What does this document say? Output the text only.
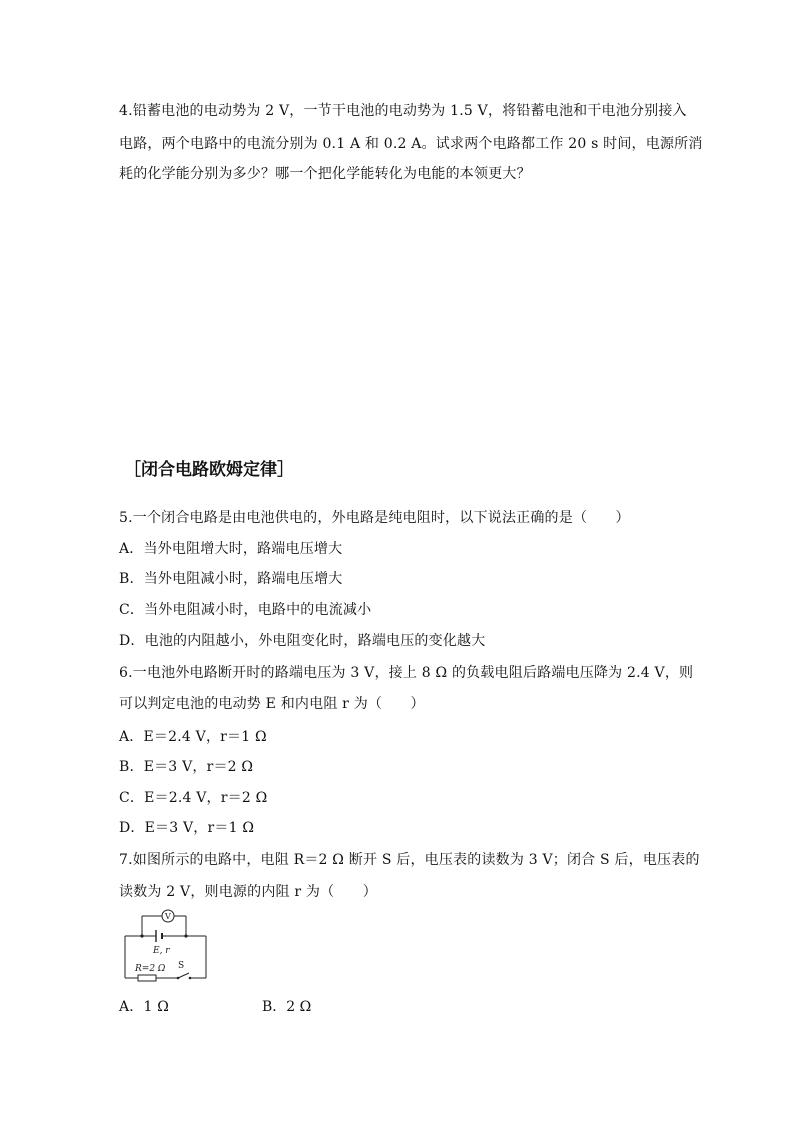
4.铅蓄电池的电动势为 2 V，一节干电池的电动势为 1.5 V，将铅蓄电池和干电池分别接入
电路，两个电路中的电流分别为 0.1 A 和 0.2 A。试求两个电路都工作 20 s 时间，电源所消
耗的化学能分别为多少？哪一个把化学能转化为电能的本领更大？
［闭合电路欧姆定律］
5.一个闭合电路是由电池供电的，外电路是纯电阻时，以下说法正确的是（　　）
A．当外电阻增大时，路端电压增大
B．当外电阻减小时，路端电压增大
C．当外电阻减小时，电路中的电流减小
D．电池的内阻越小，外电阻变化时，路端电压的变化越大
6.一电池外电路断开时的路端电压为 3 V，接上 8 Ω 的负载电阻后路端电压降为 2.4 V，则
可以判定电池的电动势 E 和内电阻 r 为（　　）
A．E＝2.4 V，r＝1 Ω
B．E＝3 V，r＝2 Ω
C．E＝2.4 V，r＝2 Ω
D．E＝3 V，r＝1 Ω
7.如图所示的电路中，电阻 R＝2 Ω 断开 S 后，电压表的读数为 3 V；闭合 S 后，电压表的
读数为 2 V，则电源的内阻 r 为（　　）
V
E, r
R=2 Ω S
A．1 Ω	B．2 Ω
